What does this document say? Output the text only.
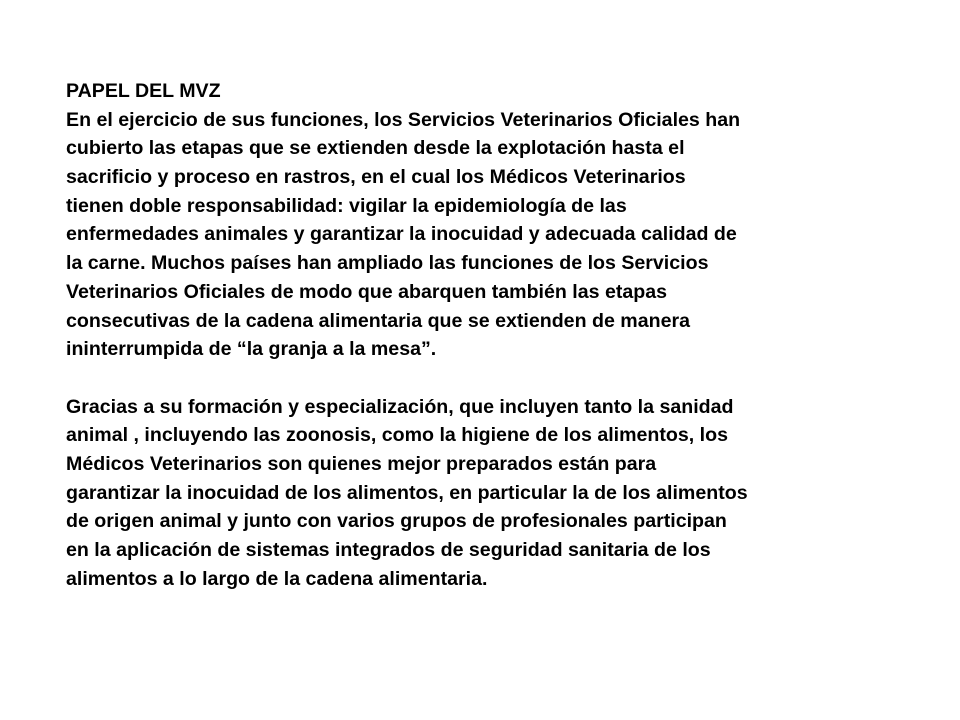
PAPEL DEL MVZ
En el ejercicio de sus funciones, los Servicios Veterinarios Oficiales han
cubierto las etapas que se extienden desde la explotación hasta el
sacrificio y proceso en rastros, en el cual los Médicos Veterinarios
tienen doble responsabilidad: vigilar la epidemiología de las
enfermedades animales y garantizar la inocuidad y adecuada calidad de
la carne. Muchos países han ampliado las funciones de los Servicios
Veterinarios Oficiales de modo que abarquen también las etapas
consecutivas de la cadena alimentaria que se extienden de manera
ininterrumpida de “la granja a la mesa”.
Gracias a su formación y especialización, que incluyen tanto la sanidad
animal , incluyendo las zoonosis, como la higiene de los alimentos, los
Médicos Veterinarios son quienes mejor preparados están para
garantizar la inocuidad de los alimentos, en particular la de los alimentos
de origen animal y junto con varios grupos de profesionales participan
en la aplicación de sistemas integrados de seguridad sanitaria de los
alimentos a lo largo de la cadena alimentaria.
